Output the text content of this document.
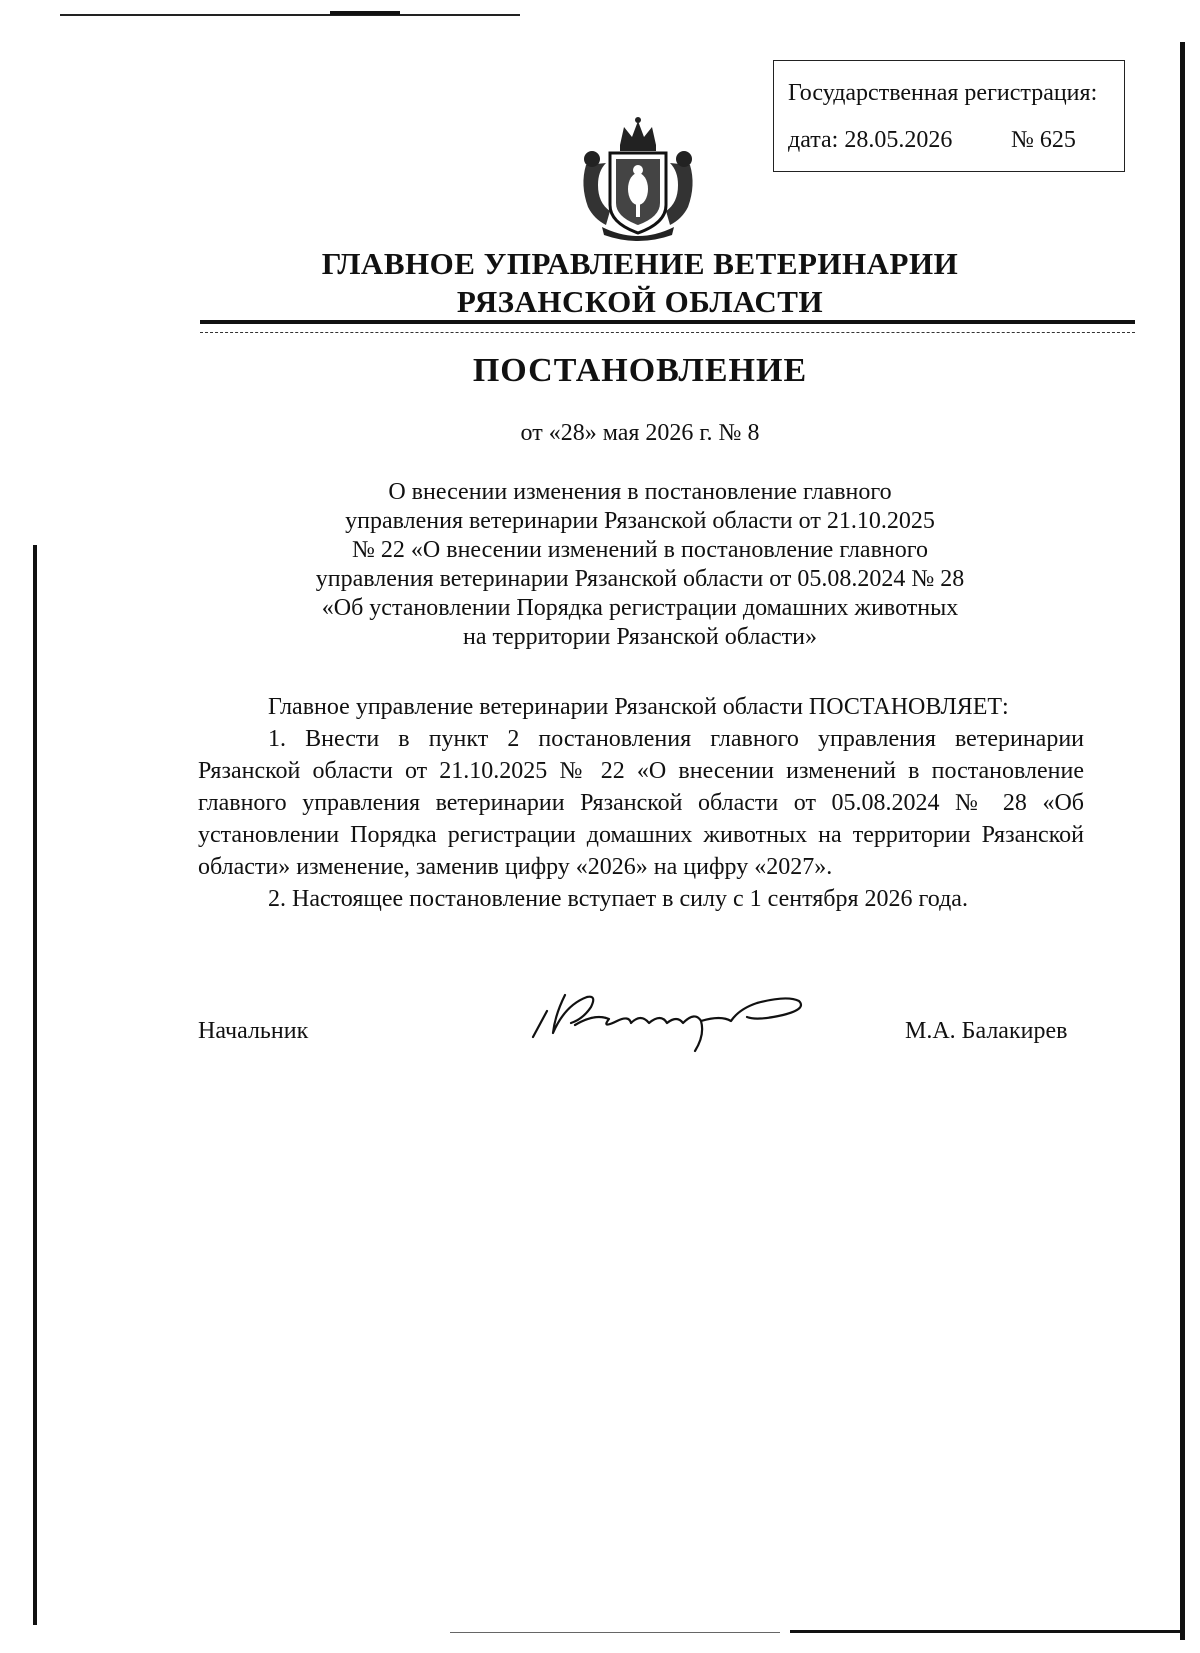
Государственная регистрация:
дата: 28.05.2026 № 625
ГЛАВНОЕ УПРАВЛЕНИЕ ВЕТЕРИНАРИИ
РЯЗАНСКОЙ ОБЛАСТИ
ПОСТАНОВЛЕНИЕ
от «28» мая 2026 г. № 8
О внесении изменения в постановление главного
управления ветеринарии Рязанской области от 21.10.2025
№ 22 «О внесении изменений в постановление главного
управления ветеринарии Рязанской области от 05.08.2024 № 28
«Об установлении Порядка регистрации домашних животных
на территории Рязанской области»

Главное управление ветеринарии Рязанской области ПОСТАНОВЛЯЕТ:

1. Внести в пункт 2 постановления главного управления ветеринарии Рязанской области от 21.10.2025 № 22 «О внесении изменений в постановление главного управления ветеринарии Рязанской области от 05.08.2024 № 28 «Об установлении Порядка регистрации домашних животных на территории Рязанской области» изменение, заменив цифру «2026» на цифру «2027».

2. Настоящее постановление вступает в силу с 1 сентября 2026 года.

Начальник	М.А. Балакирев
